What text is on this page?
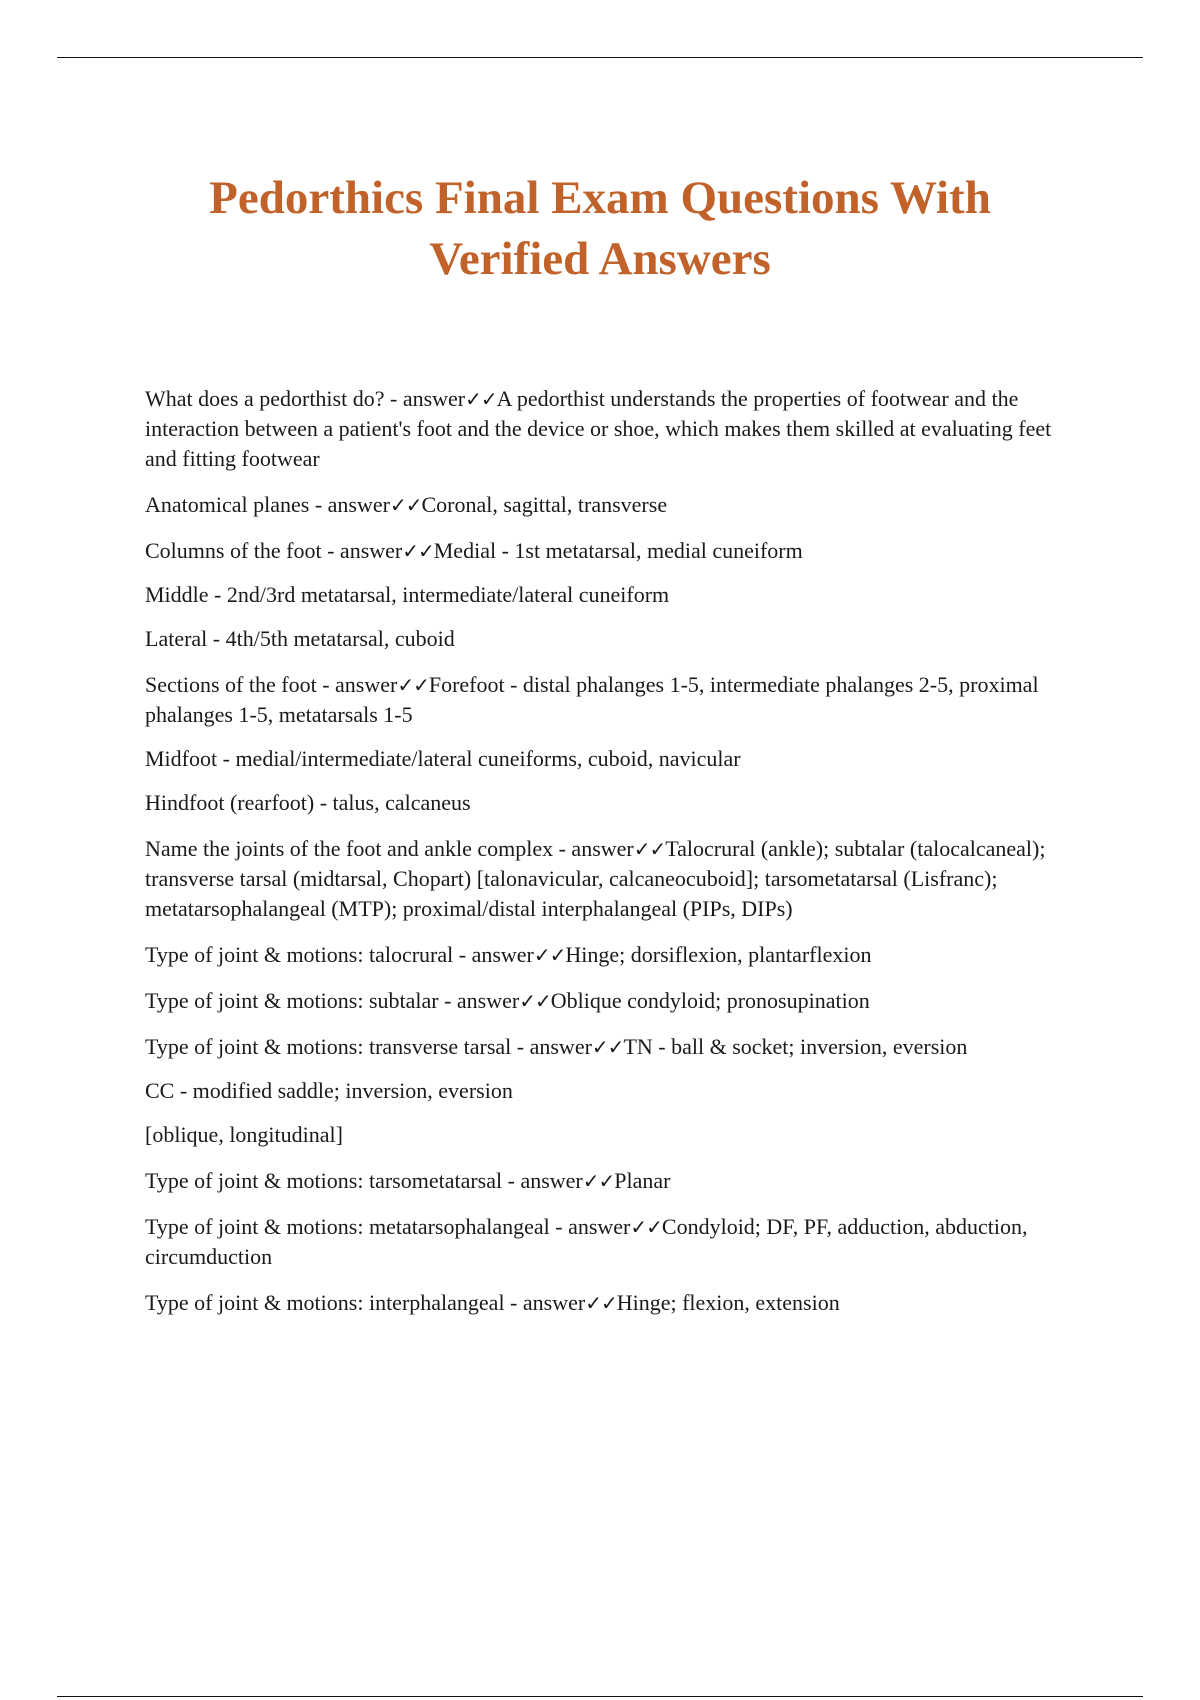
Pedorthics Final Exam Questions With
Verified Answers

What does a pedorthist do? - answer✓✓A pedorthist understands the properties of footwear and the interaction between a patient's foot and the device or shoe, which makes them skilled at evaluating feet and fitting footwear

Anatomical planes - answer✓✓Coronal, sagittal, transverse

Columns of the foot - answer✓✓Medial - 1st metatarsal, medial cuneiform

Middle - 2nd/3rd metatarsal, intermediate/lateral cuneiform

Lateral - 4th/5th metatarsal, cuboid

Sections of the foot - answer✓✓Forefoot - distal phalanges 1-5, intermediate phalanges 2-5, proximal phalanges 1-5, metatarsals 1-5

Midfoot - medial/intermediate/lateral cuneiforms, cuboid, navicular

Hindfoot (rearfoot) - talus, calcaneus

Name the joints of the foot and ankle complex - answer✓✓Talocrural (ankle); subtalar (talocalcaneal); transverse tarsal (midtarsal, Chopart) [talonavicular, calcaneocuboid]; tarsometatarsal (Lisfranc); metatarsophalangeal (MTP); proximal/distal interphalangeal (PIPs, DIPs)

Type of joint & motions: talocrural - answer✓✓Hinge; dorsiflexion, plantarflexion

Type of joint & motions: subtalar - answer✓✓Oblique condyloid; pronosupination

Type of joint & motions: transverse tarsal - answer✓✓TN - ball & socket; inversion, eversion

CC - modified saddle; inversion, eversion

[oblique, longitudinal]

Type of joint & motions: tarsometatarsal - answer✓✓Planar

Type of joint & motions: metatarsophalangeal - answer✓✓Condyloid; DF, PF, adduction, abduction, circumduction

Type of joint & motions: interphalangeal - answer✓✓Hinge; flexion, extension
